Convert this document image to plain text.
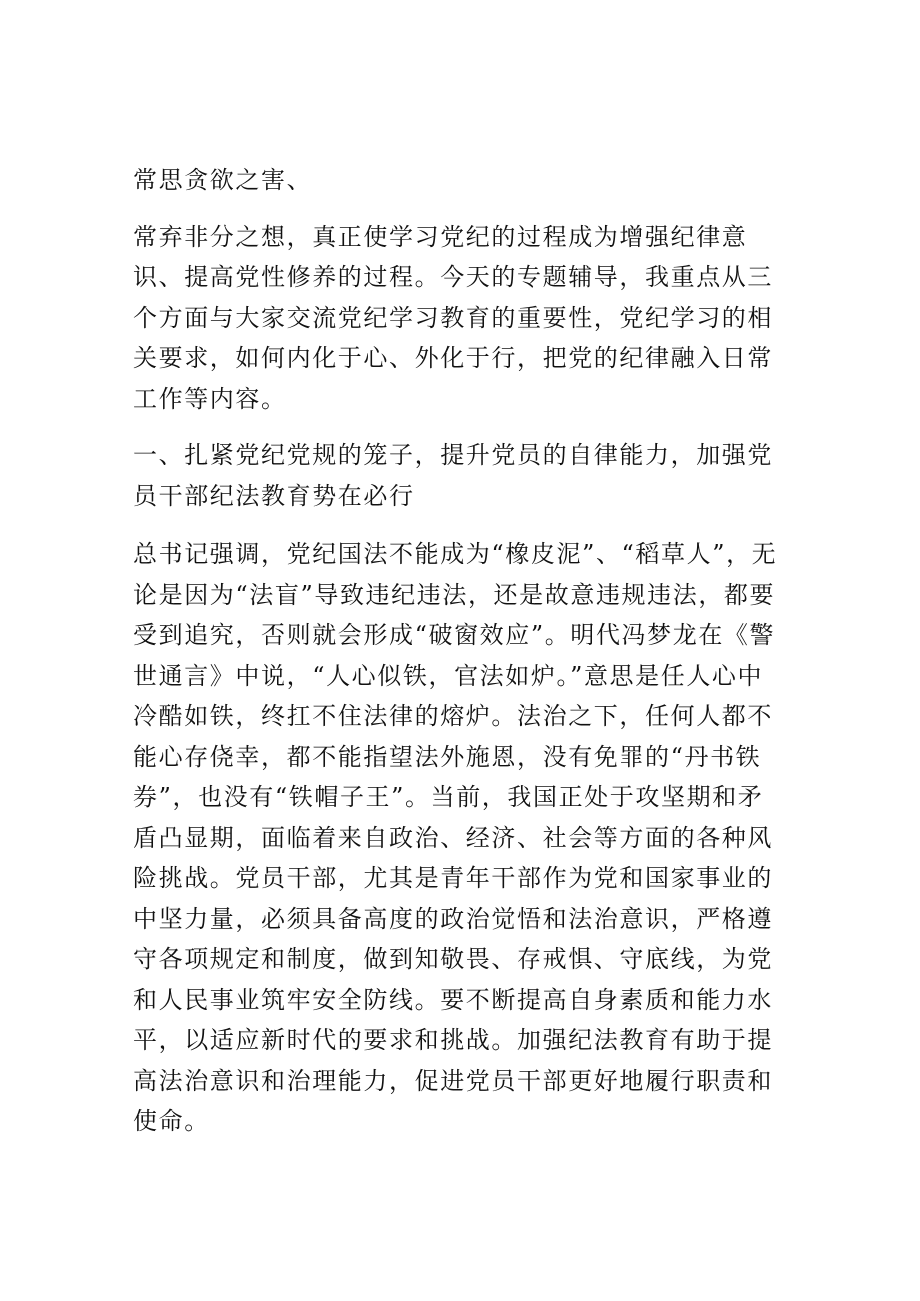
常思贪欲之害、

常弃非分之想，真正使学习党纪的过程成为增强纪律意识、提高党性修养的过程。今天的专题辅导，我重点从三个方面与大家交流党纪学习教育的重要性，党纪学习的相关要求，如何内化于心、外化于行，把党的纪律融入日常工作等内容。

一、扎紧党纪党规的笼子，提升党员的自律能力，加强党员干部纪法教育势在必行

总书记强调，党纪国法不能成为“橡皮泥”、“稻草人”，无论是因为“法盲”导致违纪违法，还是故意违规违法，都要受到追究，否则就会形成“破窗效应”。明代冯梦龙在《警世通言》中说，“人心似铁，官法如炉。”意思是任人心中冷酷如铁，终扛不住法律的熔炉。法治之下，任何人都不能心存侥幸，都不能指望法外施恩，没有免罪的“丹书铁券”，也没有“铁帽子王”。当前，我国正处于攻坚期和矛盾凸显期，面临着来自政治、经济、社会等方面的各种风险挑战。党员干部，尤其是青年干部作为党和国家事业的中坚力量，必须具备高度的政治觉悟和法治意识，严格遵守各项规定和制度，做到知敬畏、存戒惧、守底线，为党和人民事业筑牢安全防线。要不断提高自身素质和能力水平，以适应新时代的要求和挑战。加强纪法教育有助于提高法治意识和治理能力，促进党员干部更好地履行职责和使命。
